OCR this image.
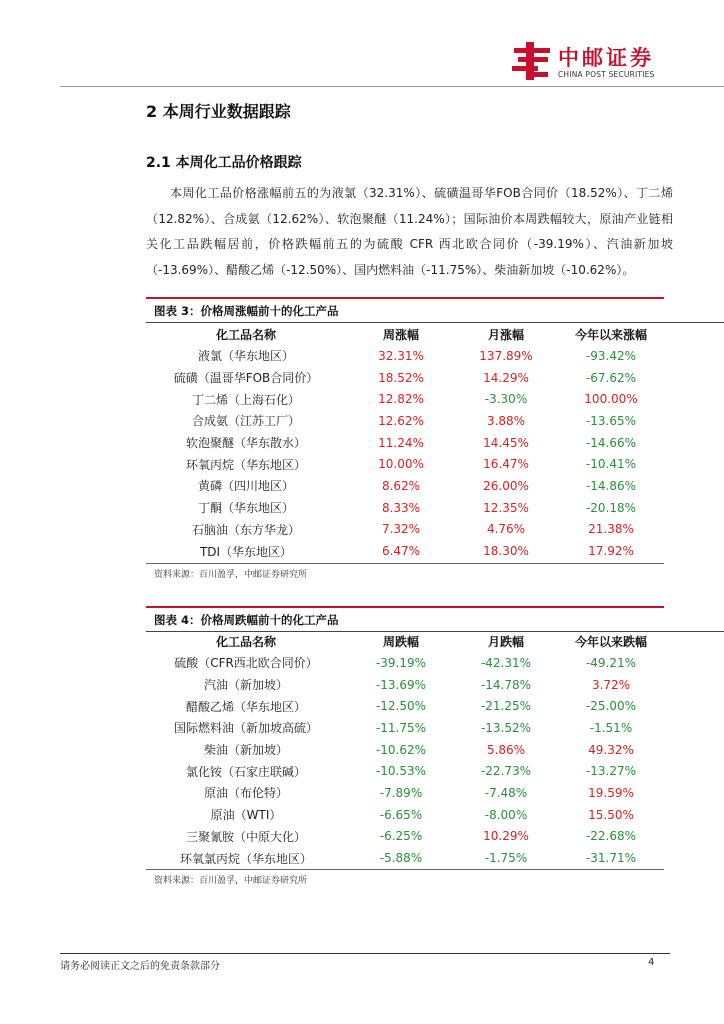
中邮证券
CHINA POST SECURITIES
2 本周行业数据跟踪
2.1 本周化工品价格跟踪
本周化工品价格涨幅前五的为液氯（32.31%）、硫磺温哥华FOB合同价（18.52%）、丁二烯（12.82%）、合成氨（12.62%）、软泡聚醚（11.24%）；国际油价本周跌幅较大，原油产业链相关化工品跌幅居前，价格跌幅前五的为硫酸 CFR 西北欧合同价（-39.19%）、汽油新加坡（-13.69%）、醋酸乙烯（-12.50%）、国内燃料油（-11.75%）、柴油新加坡（-10.62%）。
图表 3：价格周涨幅前十的化工产品
化工品名称	周涨幅	月涨幅	今年以来涨幅
液氯（华东地区）	32.31%	137.89%	-93.42%
硫磺（温哥华FOB合同价）	18.52%	14.29%	-67.62%
丁二烯（上海石化）	12.82%	-3.30%	100.00%
合成氨（江苏工厂）	12.62%	3.88%	-13.65%
软泡聚醚（华东散水）	11.24%	14.45%	-14.66%
环氧丙烷（华东地区）	10.00%	16.47%	-10.41%
黄磷（四川地区）	8.62%	26.00%	-14.86%
丁酮（华东地区）	8.33%	12.35%	-20.18%
石脑油（东方华龙）	7.32%	4.76%	21.38%
TDI（华东地区）	6.47%	18.30%	17.92%
资料来源：百川盈孚，中邮证券研究所
图表 4：价格周跌幅前十的化工产品
化工品名称	周跌幅	月跌幅	今年以来跌幅
硫酸（CFR西北欧合同价）	-39.19%	-42.31%	-49.21%
汽油（新加坡）	-13.69%	-14.78%	3.72%
醋酸乙烯（华东地区）	-12.50%	-21.25%	-25.00%
国际燃料油（新加坡高硫）	-11.75%	-13.52%	-1.51%
柴油（新加坡）	-10.62%	5.86%	49.32%
氯化铵（石家庄联碱）	-10.53%	-22.73%	-13.27%
原油（布伦特）	-7.89%	-7.48%	19.59%
原油（WTI）	-6.65%	-8.00%	15.50%
三聚氰胺（中原大化）	-6.25%	10.29%	-22.68%
环氧氯丙烷（华东地区）	-5.88%	-1.75%	-31.71%
资料来源：百川盈孚，中邮证券研究所
请务必阅读正文之后的免责条款部分	4
